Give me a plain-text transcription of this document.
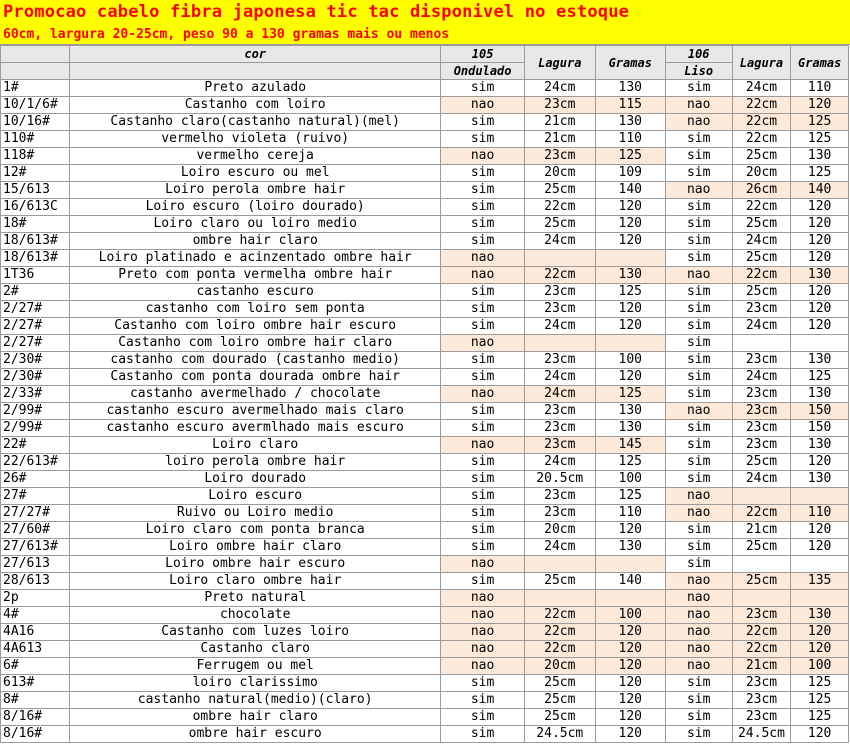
Promocao cabelo fibra japonesa tic tac disponivel no estoque
60cm, largura 20-25cm, peso 90 a 130 gramas mais ou menos
	cor	105	Lagura	Gramas	106	Lagura	Gramas
		Ondulado			Liso		
1#	Preto azulado	sim	24cm	130	sim	24cm	110
10/1/6#	Castanho com loiro	nao	23cm	115	nao	22cm	120
10/16#	Castanho claro(castanho natural)(mel)	sim	21cm	130	nao	22cm	125
110#	vermelho violeta (ruivo)	sim	21cm	110	sim	22cm	125
118#	vermelho cereja	nao	23cm	125	sim	25cm	130
12#	Loiro escuro ou mel	sim	20cm	109	sim	20cm	125
15/613	Loiro perola ombre hair	sim	25cm	140	nao	26cm	140
16/613C	Loiro escuro (loiro dourado)	sim	22cm	120	sim	22cm	120
18#	Loiro claro ou loiro medio	sim	25cm	120	sim	25cm	120
18/613#	ombre hair claro	sim	24cm	120	sim	24cm	120
18/613#	Loiro platinado e acinzentado ombre hair	nao			sim	25cm	120
1T36	Preto com ponta vermelha ombre hair	nao	22cm	130	nao	22cm	130
2#	castanho escuro	sim	23cm	125	sim	25cm	120
2/27#	castanho com loiro sem ponta	sim	23cm	120	sim	23cm	120
2/27#	Castanho com loiro ombre hair escuro	sim	24cm	120	sim	24cm	120
2/27#	Castanho com loiro ombre hair claro	nao			sim		
2/30#	castanho com dourado (castanho medio)	sim	23cm	100	sim	23cm	130
2/30#	Castanho com ponta dourada ombre hair	sim	24cm	120	sim	24cm	125
2/33#	castanho avermelhado / chocolate	nao	24cm	125	sim	23cm	130
2/99#	castanho escuro avermelhado mais claro	sim	23cm	130	nao	23cm	150
2/99#	castanho escuro avermlhado mais escuro	sim	23cm	130	sim	23cm	150
22#	Loiro claro	nao	23cm	145	sim	23cm	130
22/613#	loiro perola ombre hair	sim	24cm	125	sim	25cm	120
26#	Loiro dourado	sim	20.5cm	100	sim	24cm	130
27#	Loiro escuro	sim	23cm	125	nao		
27/27#	Ruivo ou Loiro medio	sim	23cm	110	nao	22cm	110
27/60#	Loiro claro com ponta branca	sim	20cm	120	sim	21cm	120
27/613#	Loiro ombre hair claro	sim	24cm	130	sim	25cm	120
27/613	Loiro ombre hair escuro	nao			sim		
28/613	Loiro claro ombre hair	sim	25cm	140	nao	25cm	135
2p	Preto natural	nao			nao		
4#	chocolate	nao	22cm	100	nao	23cm	130
4A16	Castanho com luzes loiro	nao	22cm	120	nao	22cm	120
4A613	Castanho claro	nao	22cm	120	nao	22cm	120
6#	Ferrugem ou mel	nao	20cm	120	nao	21cm	100
613#	loiro clarissimo	sim	25cm	120	sim	23cm	125
8#	castanho natural(medio)(claro)	sim	25cm	120	sim	23cm	125
8/16#	ombre hair claro	sim	25cm	120	sim	23cm	125
8/16#	ombre hair escuro	sim	24.5cm	120	sim	24.5cm	120
